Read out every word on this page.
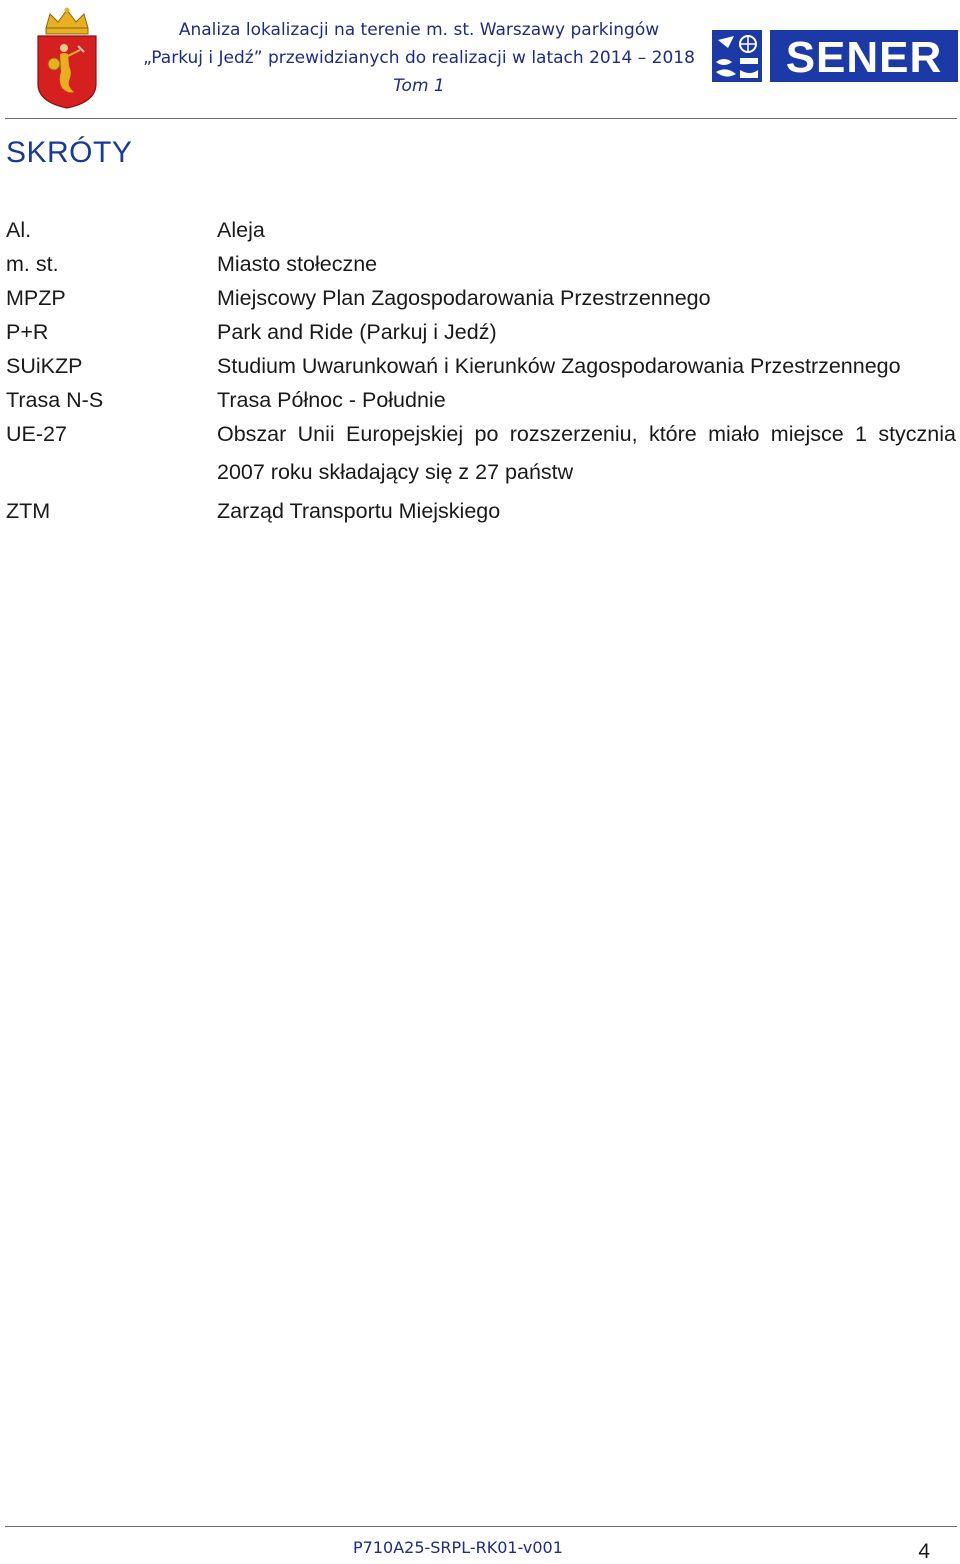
Analiza lokalizacji na terenie m. st. Warszawy parkingów
„Parkuj i Jedź” przewidzianych do realizacji w latach 2014 – 2018
Tom 1
SENER
SKRÓTY
Al.	Aleja
m. st.	Miasto stołeczne
MPZP	Miejscowy Plan Zagospodarowania Przestrzennego
P+R	Park and Ride (Parkuj i Jedź)
SUiKZP	Studium Uwarunkowań i Kierunków Zagospodarowania Przestrzennego
Trasa N-S	Trasa Północ - Południe
UE-27	Obszar Unii Europejskiej po rozszerzeniu, które miało miejsce 1 stycznia 2007 roku składający się z 27 państw
ZTM	Zarząd Transportu Miejskiego
P710A25-SRPL-RK01-v001	4
